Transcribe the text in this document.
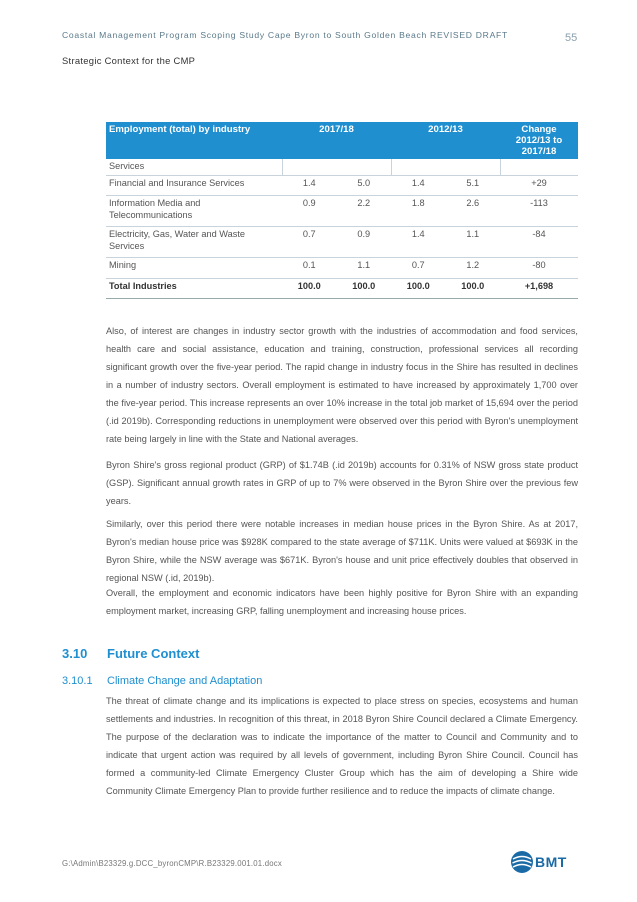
Coastal Management Program Scoping Study Cape Byron to South Golden Beach REVISED DRAFT	55
Strategic Context for the CMP
Employment (total) by industry	2017/18		2012/13		Change 2012/13 to 2017/18
Services					
Financial and Insurance Services	1.4	5.0	1.4	5.1	+29
Information Media and Telecommunications	0.9	2.2	1.8	2.6	-113
Electricity, Gas, Water and Waste Services	0.7	0.9	1.4	1.1	-84
Mining	0.1	1.1	0.7	1.2	-80
Total Industries	100.0	100.0	100.0	100.0	+1,698

Also, of interest are changes in industry sector growth with the industries of accommodation and food services, health care and social assistance, education and training, construction, professional services all recording significant growth over the five-year period. The rapid change in industry focus in the Shire has resulted in declines in a number of industry sectors. Overall employment is estimated to have increased by approximately 1,700 over the five-year period. This increase represents an over 10% increase in the total job market of 15,694 over the period (.id 2019b). Corresponding reductions in unemployment were observed over this period with Byron's unemployment rate being largely in line with the State and National averages.

Byron Shire's gross regional product (GRP) of $1.74B (.id 2019b) accounts for 0.31% of NSW gross state product (GSP). Significant annual growth rates in GRP of up to 7% were observed in the Byron Shire over the previous few years.

Similarly, over this period there were notable increases in median house prices in the Byron Shire. As at 2017, Byron's median house price was $928K compared to the state average of $711K. Units were valued at $693K in the Byron Shire, while the NSW average was $671K. Byron's house and unit price effectively doubles that observed in regional NSW (.id, 2019b).

Overall, the employment and economic indicators have been highly positive for Byron Shire with an expanding employment market, increasing GRP, falling unemployment and increasing house prices.

3.10 Future Context
3.10.1 Climate Change and Adaptation

The threat of climate change and its implications is expected to place stress on species, ecosystems and human settlements and industries. In recognition of this threat, in 2018 Byron Shire Council declared a Climate Emergency. The purpose of the declaration was to indicate the importance of the matter to Council and Community and to indicate that urgent action was required by all levels of government, including Byron Shire Council. Council has formed a community-led Climate Emergency Cluster Group which has the aim of developing a Shire wide Community Climate Emergency Plan to provide further resilience and to reduce the impacts of climate change.

G:\Admin\B23329.g.DCC_byronCMP\R.B23329.001.01.docx	BMT
